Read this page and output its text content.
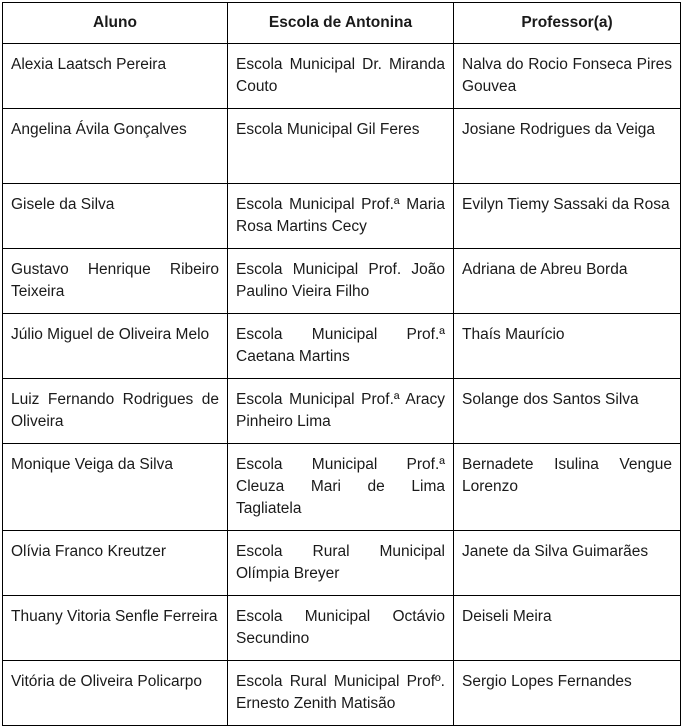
Aluno	Escola de Antonina	Professor(a)
Alexia Laatsch Pereira	Escola Municipal Dr. Miranda Couto	Nalva do Rocio Fonseca Pires Gouvea
Angelina Ávila Gonçalves	Escola Municipal Gil Feres	Josiane Rodrigues da Veiga
Gisele da Silva	Escola Municipal Prof.ª Maria Rosa Martins Cecy	Evilyn Tiemy Sassaki da Rosa
Gustavo Henrique Ribeiro Teixeira	Escola Municipal Prof. João Paulino Vieira Filho	Adriana de Abreu Borda
Júlio Miguel de Oliveira Melo	Escola Municipal Prof.ª Caetana Martins	Thaís Maurício
Luiz Fernando Rodrigues de Oliveira	Escola Municipal Prof.ª Aracy Pinheiro Lima	Solange dos Santos Silva
Monique Veiga da Silva	Escola Municipal Prof.ª Cleuza Mari de Lima Tagliatela	Bernadete Isulina Vengue Lorenzo
Olívia Franco Kreutzer	Escola Rural Municipal Olímpia Breyer	Janete da Silva Guimarães
Thuany Vitoria Senfle Ferreira	Escola Municipal Octávio Secundino	Deiseli Meira
Vitória de Oliveira Policarpo	Escola Rural Municipal Profº. Ernesto Zenith Matisão	Sergio Lopes Fernandes
